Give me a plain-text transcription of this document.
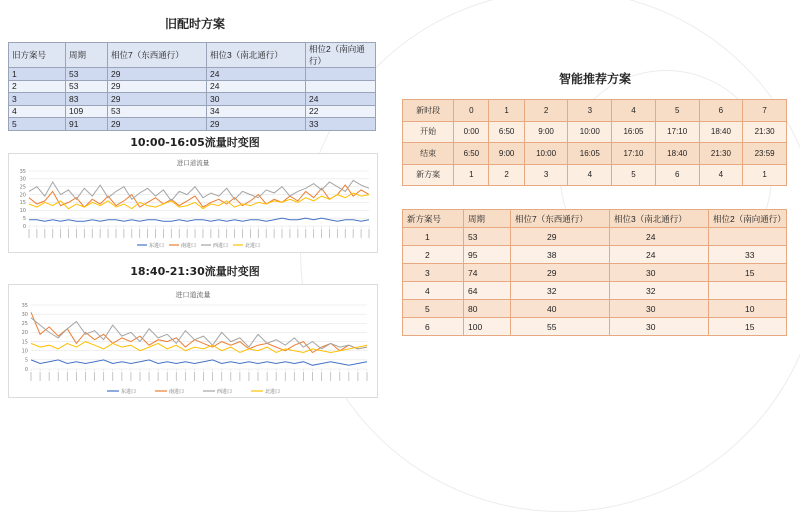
旧配时方案
旧方案号	周期	相位7（东西通行）	相位3（南北通行）	相位2（南向通行）
1	53	29	24	
2	53	29	24	
3	83	29	30	24
4	109	53	34	22
5	91	29	29	33
10:00-16:05流量时变图
进口道流量
0
5
10
15
20
25
30
35
东进口	南进口	西进口	北进口
18:40-21:30流量时变图
进口道流量
0
5
10
15
20
25
30
35
东进口	南进口	西进口	北进口
智能推荐方案
新时段	0	1	2	3	4	5	6	7
开始	0:00	6:50	9:00	10:00	16:05	17:10	18:40	21:30
结束	6:50	9:00	10:00	16:05	17:10	18:40	21:30	23:59
新方案	1	2	3	4	5	6	4	1
新方案号	周期	相位7（东西通行）	相位3（南北通行）	相位2（南向通行）
1	53	29	24	
2	95	38	24	33
3	74	29	30	15
4	64	32	32	
5	80	40	30	10
6	100	55	30	15
